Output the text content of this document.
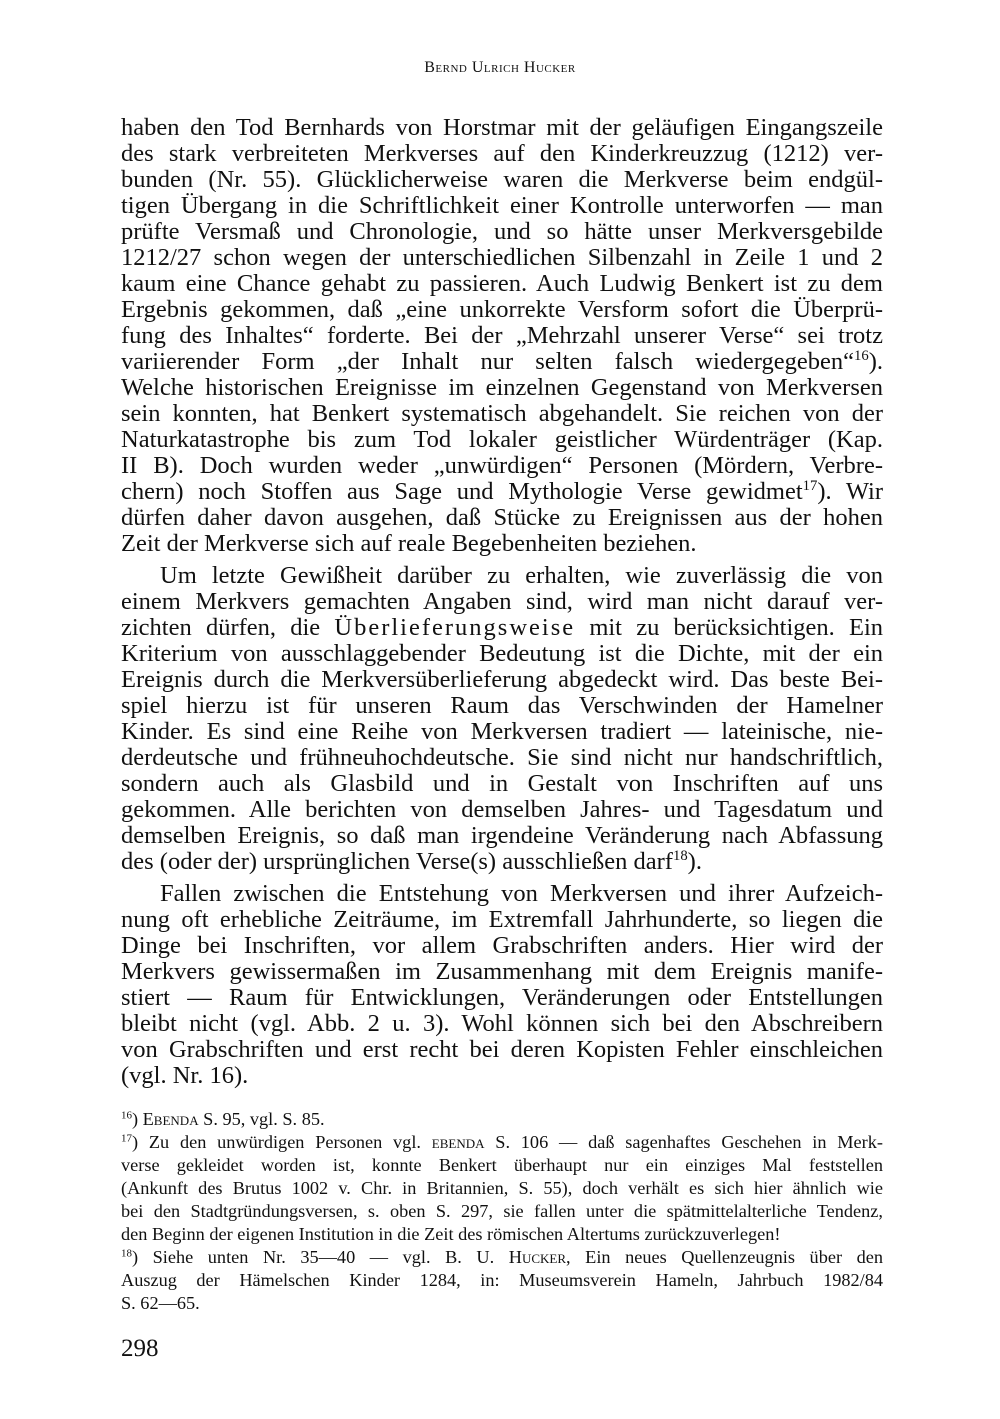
Bernd Ulrich Hucker
haben den Tod Bernhards von Horstmar mit der geläufigen Eingangszeile
des stark verbreiteten Merkverses auf den Kinderkreuzzug (1212) ver-
bunden (Nr. 55). Glücklicherweise waren die Merkverse beim endgül-
tigen Übergang in die Schriftlichkeit einer Kontrolle unterworfen — man
prüfte Versmaß und Chronologie, und so hätte unser Merkversgebilde
1212/27 schon wegen der unterschiedlichen Silbenzahl in Zeile 1 und 2
kaum eine Chance gehabt zu passieren. Auch Ludwig Benkert ist zu dem
Ergebnis gekommen, daß „eine unkorrekte Versform sofort die Überprü-
fung des Inhaltes“ forderte. Bei der „Mehrzahl unserer Verse“ sei trotz
variierender Form „der Inhalt nur selten falsch wiedergegeben“$^{16}$).
Welche historischen Ereignisse im einzelnen Gegenstand von Merkversen
sein konnten, hat Benkert systematisch abgehandelt. Sie reichen von der
Naturkatastrophe bis zum Tod lokaler geistlicher Würdenträger (Kap.
II B). Doch wurden weder „unwürdigen“ Personen (Mördern, Verbre-
chern) noch Stoffen aus Sage und Mythologie Verse gewidmet$^{17}$). Wir
dürfen daher davon ausgehen, daß Stücke zu Ereignissen aus der hohen
Zeit der Merkverse sich auf reale Begebenheiten beziehen.
Um letzte Gewißheit darüber zu erhalten, wie zuverlässig die von
einem Merkvers gemachten Angaben sind, wird man nicht darauf ver-
zichten dürfen, die Überlieferungsweise mit zu berücksichtigen. Ein
Kriterium von ausschlaggebender Bedeutung ist die Dichte, mit der ein
Ereignis durch die Merkversüberlieferung abgedeckt wird. Das beste Bei-
spiel hierzu ist für unseren Raum das Verschwinden der Hamelner
Kinder. Es sind eine Reihe von Merkversen tradiert — lateinische, nie-
derdeutsche und frühneuhochdeutsche. Sie sind nicht nur handschriftlich,
sondern auch als Glasbild und in Gestalt von Inschriften auf uns
gekommen. Alle berichten von demselben Jahres- und Tagesdatum und
demselben Ereignis, so daß man irgendeine Veränderung nach Abfassung
des (oder der) ursprünglichen Verse(s) ausschließen darf$^{18}$).
Fallen zwischen die Entstehung von Merkversen und ihrer Aufzeich-
nung oft erhebliche Zeiträume, im Extremfall Jahrhunderte, so liegen die
Dinge bei Inschriften, vor allem Grabschriften anders. Hier wird der
Merkvers gewissermaßen im Zusammenhang mit dem Ereignis manife-
stiert — Raum für Entwicklungen, Veränderungen oder Entstellungen
bleibt nicht (vgl. Abb. 2 u. 3). Wohl können sich bei den Abschreibern
von Grabschriften und erst recht bei deren Kopisten Fehler einschleichen
(vgl. Nr. 16).
$^{16}$) Ebenda S. 95, vgl. S. 85.
$^{17}$) Zu den unwürdigen Personen vgl. ebenda S. 106 — daß sagenhaftes Geschehen in Merk-
verse gekleidet worden ist, konnte Benkert überhaupt nur ein einziges Mal feststellen
(Ankunft des Brutus 1002 v. Chr. in Britannien, S. 55), doch verhält es sich hier ähnlich wie
bei den Stadtgründungsversen, s. oben S. 297, sie fallen unter die spätmittelalterliche Tendenz,
den Beginn der eigenen Institution in die Zeit des römischen Altertums zurückzuverlegen!
$^{18}$) Siehe unten Nr. 35—40 — vgl. B. U. Hucker, Ein neues Quellenzeugnis über den
Auszug der Hämelschen Kinder 1284, in: Museumsverein Hameln, Jahrbuch 1982/84
S. 62—65.
298
